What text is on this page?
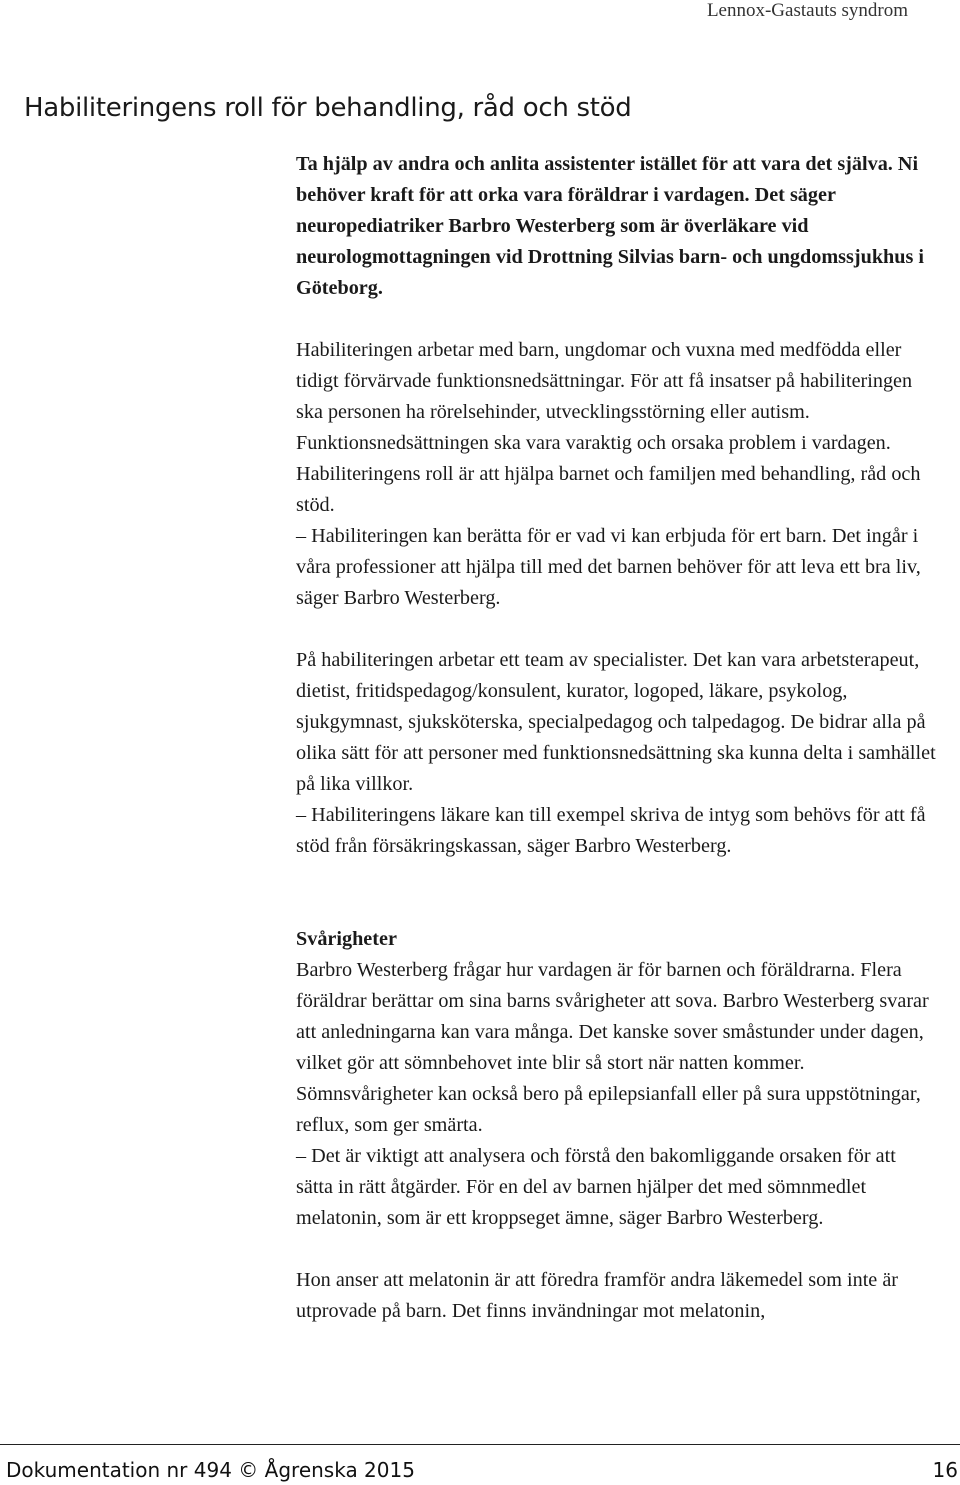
Lennox-Gastauts syndrom
Habiliteringens roll för behandling, råd och stöd

Ta hjälp av andra och anlita assistenter istället för att vara det själva. Ni behöver kraft för att orka vara föräldrar i vardagen. Det säger neuropediatriker Barbro Westerberg som är överläkare vid neurologmottagningen vid Drottning Silvias barn- och ungdomssjukhus i Göteborg.

Habiliteringen arbetar med barn, ungdomar och vuxna med medfödda eller tidigt förvärvade funktionsnedsättningar. För att få insatser på habiliteringen ska personen ha rörelsehinder, utvecklingsstörning eller autism. Funktionsnedsättningen ska vara varaktig och orsaka problem i vardagen. Habiliteringens roll är att hjälpa barnet och familjen med behandling, råd och stöd.

– Habiliteringen kan berätta för er vad vi kan erbjuda för ert barn. Det ingår i våra professioner att hjälpa till med det barnen behöver för att leva ett bra liv, säger Barbro Westerberg.

På habiliteringen arbetar ett team av specialister. Det kan vara arbetsterapeut, dietist, fritidspedagog/konsulent, kurator, logoped, läkare, psykolog, sjukgymnast, sjuksköterska, specialpedagog och talpedagog. De bidrar alla på olika sätt för att personer med funktionsnedsättning ska kunna delta i samhället på lika villkor.

– Habiliteringens läkare kan till exempel skriva de intyg som behövs för att få stöd från försäkringskassan, säger Barbro Westerberg.

Svårigheter

Barbro Westerberg frågar hur vardagen är för barnen och föräldrarna. Flera föräldrar berättar om sina barns svårigheter att sova. Barbro Westerberg svarar att anledningarna kan vara många. Det kanske sover småstunder under dagen, vilket gör att sömnbehovet inte blir så stort när natten kommer. Sömnsvårigheter kan också bero på epilepsianfall eller på sura uppstötningar, reflux, som ger smärta.

– Det är viktigt att analysera och förstå den bakomliggande orsaken för att sätta in rätt åtgärder. För en del av barnen hjälper det med sömnmedlet melatonin, som är ett kroppseget ämne, säger Barbro Westerberg.

Hon anser att melatonin är att föredra framför andra läkemedel som inte är utprovade på barn. Det finns invändningar mot melatonin,

Dokumentation nr 494 © Ågrenska 2015	16
